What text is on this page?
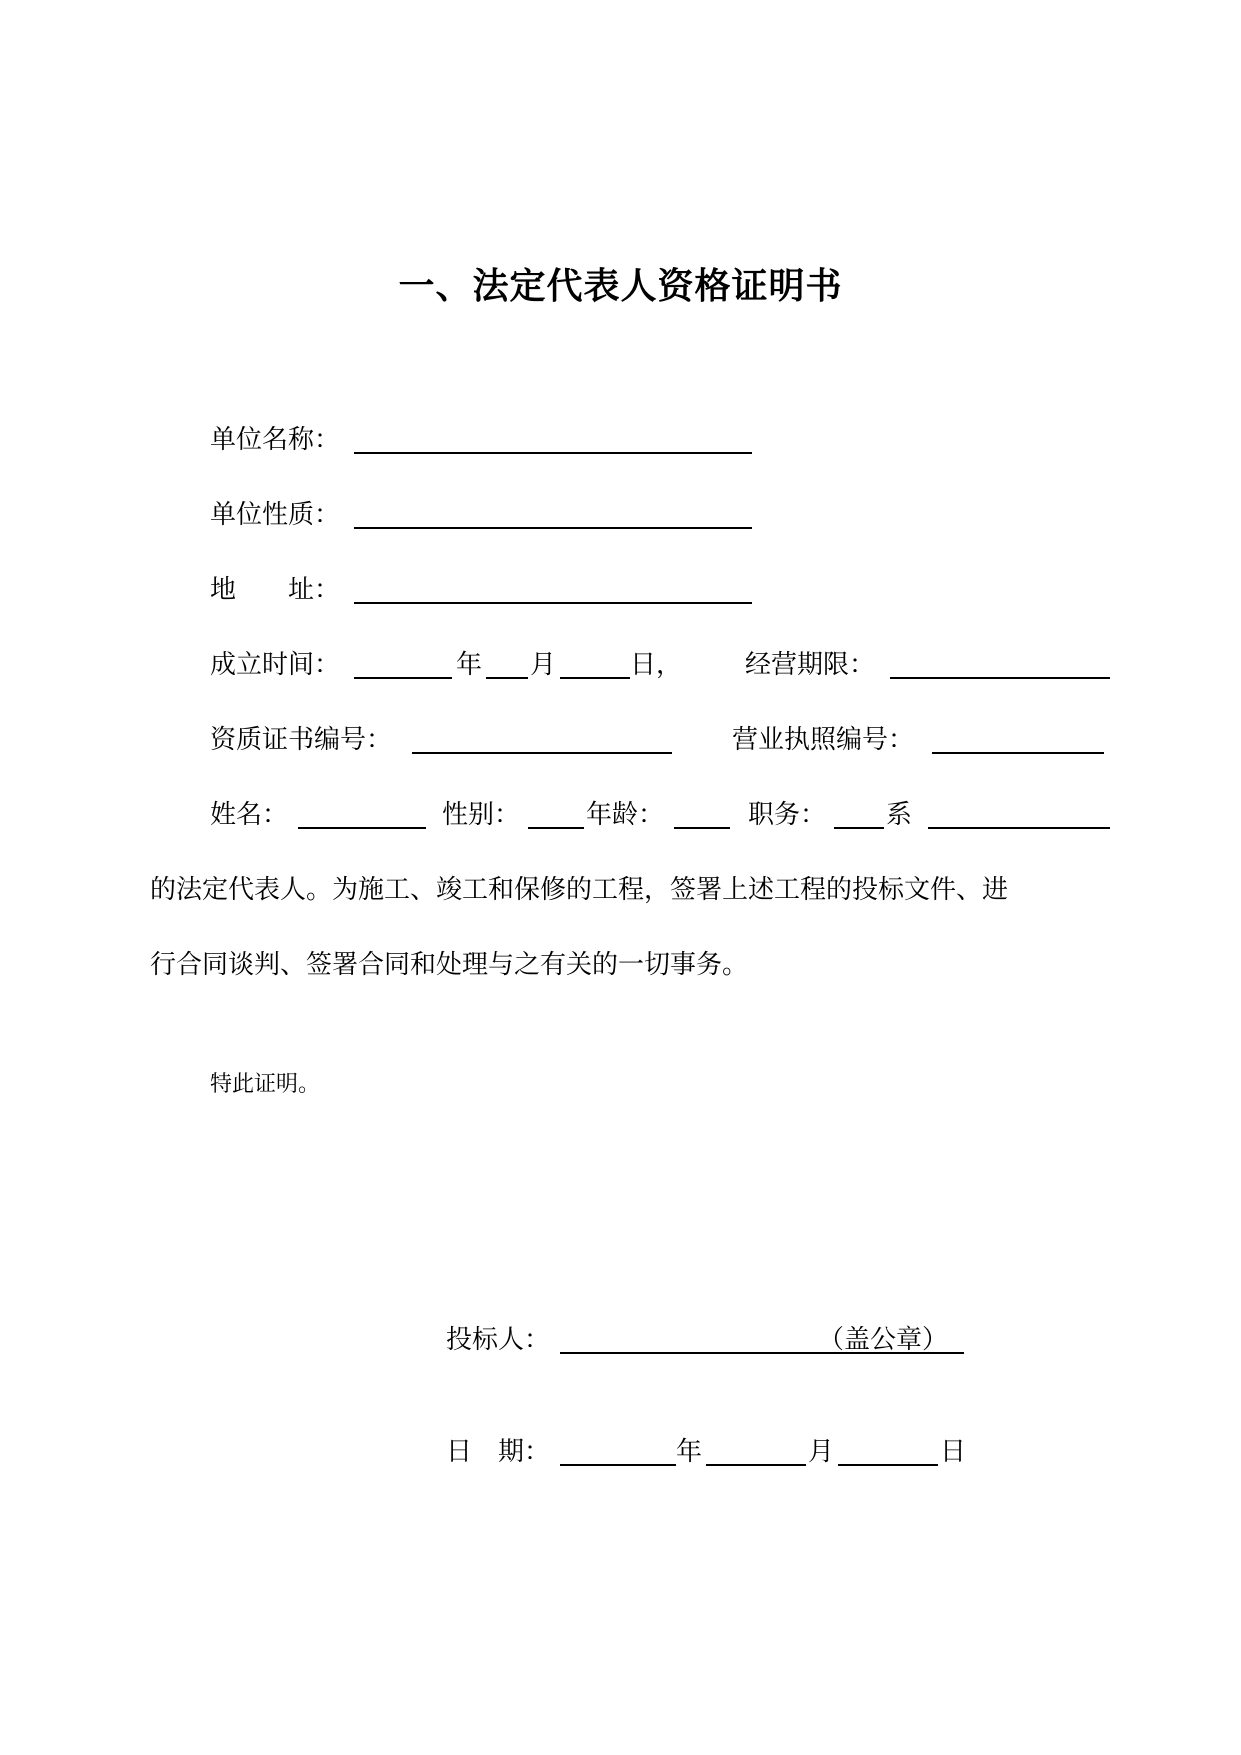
一、法定代表人资格证明书
单位名称：
单位性质：
地　　址：
成立时间：	年 月	日， 经营期限：
资质证书编号：	营业执照编号：
姓名：	性别：	年龄：	职务： 系
的法定代表人。为施工、竣工和保修的工程，签署上述工程的投标文件、进
行合同谈判、签署合同和处理与之有关的一切事务。
特此证明。
投标人：	（盖公章）
日　期：	年	月	日
